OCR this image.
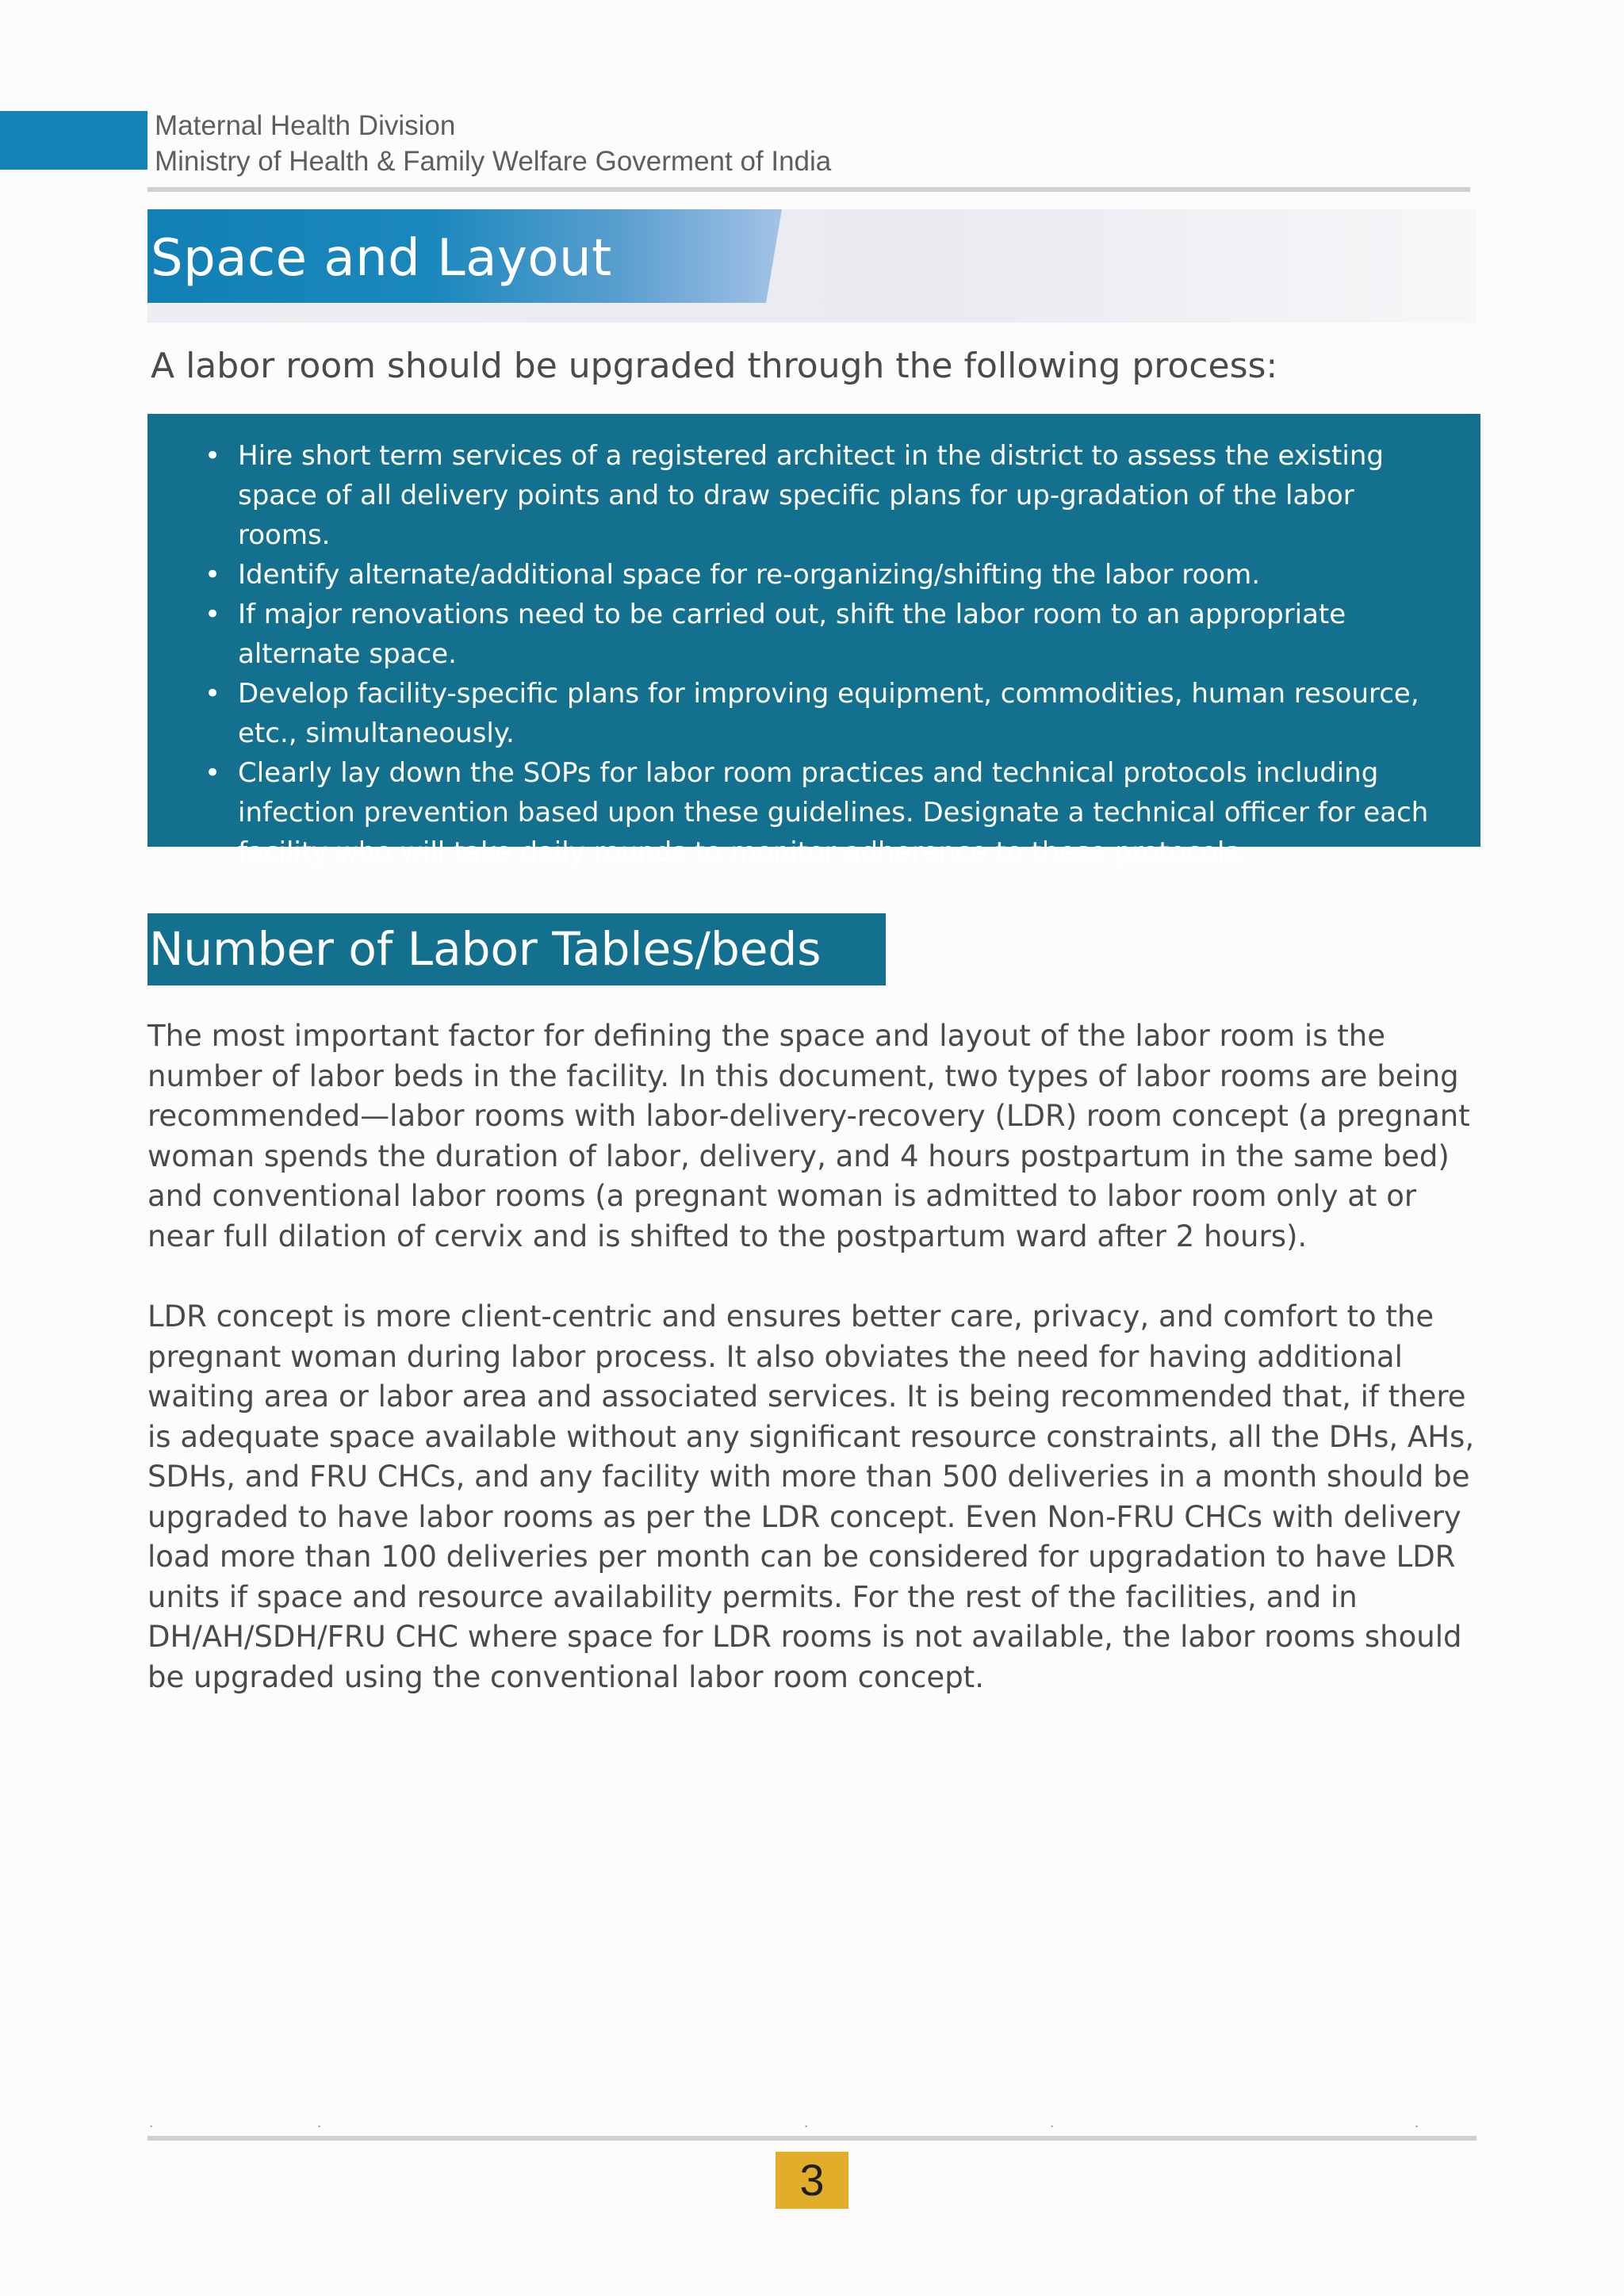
Maternal Health Division
Ministry of Health & Family Welfare Goverment of India
Space and Layout

A labor room should be upgraded through the following process:

• Hire short term services of a registered architect in the district to assess the existing space of all delivery points and to draw specific plans for up-gradation of the labor rooms.
• Identify alternate/additional space for re-organizing/shifting the labor room.
• If major renovations need to be carried out, shift the labor room to an appropriate alternate space.
• Develop facility-specific plans for improving equipment, commodities, human resource, etc., simultaneously.
• Clearly lay down the SOPs for labor room practices and technical protocols including infection prevention based upon these guidelines. Designate a technical officer for each facility who will take daily rounds to monitor adherence to these protocols.
Number of Labor Tables/beds

The most important factor for defining the space and layout of the labor room is the number of labor beds in the facility. In this document, two types of labor rooms are being recommended—labor rooms with labor-delivery-recovery (LDR) room concept (a pregnant woman spends the duration of labor, delivery, and 4 hours postpartum in the same bed) and conventional labor rooms (a pregnant woman is admitted to labor room only at or near full dilation of cervix and is shifted to the postpartum ward after 2 hours).

LDR concept is more client-centric and ensures better care, privacy, and comfort to the pregnant woman during labor process. It also obviates the need for having additional waiting area or labor area and associated services. It is being recommended that, if there is adequate space available without any significant resource constraints, all the DHs, AHs, SDHs, and FRU CHCs, and any facility with more than 500 deliveries in a month should be upgraded to have labor rooms as per the LDR concept. Even Non-FRU CHCs with delivery load more than 100 deliveries per month can be considered for upgradation to have LDR units if space and resource availability permits. For the rest of the facilities, and in DH/AH/SDH/FRU CHC where space for LDR rooms is not available, the labor rooms should be upgraded using the conventional labor room concept.

.	.	.	.	.
3
